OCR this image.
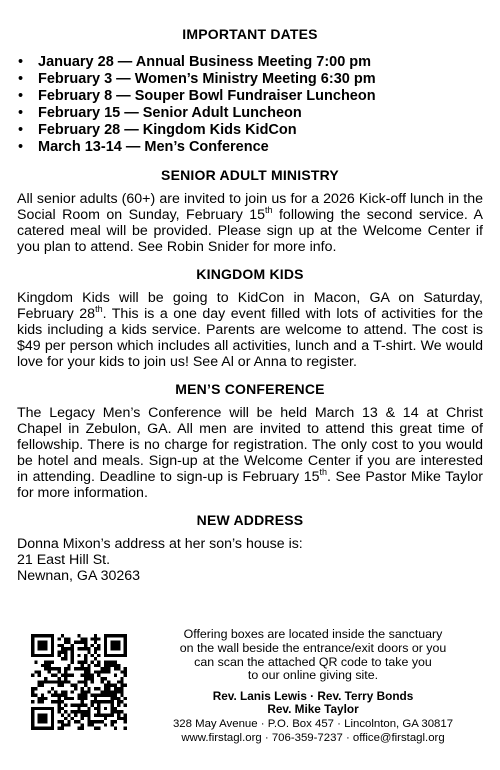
IMPORTANT DATES
• January 28 — Annual Business Meeting 7:00 pm
• February 3 — Women’s Ministry Meeting 6:30 pm
• February 8 — Souper Bowl Fundraiser Luncheon
• February 15 — Senior Adult Luncheon
• February 28 — Kingdom Kids KidCon
• March 13-14 — Men’s Conference
SENIOR ADULT MINISTRY

All senior adults (60+) are invited to join us for a 2026 Kick-off lunch in the Social Room on Sunday, February 15th following the second service. A catered meal will be provided. Please sign up at the Welcome Center if you plan to attend. See Robin Snider for more info.

KINGDOM KIDS

Kingdom Kids will be going to KidCon in Macon, GA on Saturday, February 28th. This is a one day event filled with lots of activities for the kids including a kids service. Parents are welcome to attend. The cost is $49 per person which includes all activities, lunch and a T-shirt. We would love for your kids to join us! See Al or Anna to register.

MEN’S CONFERENCE

The Legacy Men’s Conference will be held March 13 & 14 at Christ Chapel in Zebulon, GA. All men are invited to attend this great time of fellowship. There is no charge for registration. The only cost to you would be hotel and meals. Sign-up at the Welcome Center if you are interested in attending. Deadline to sign-up is February 15th. See Pastor Mike Taylor for more information.

NEW ADDRESS
Donna Mixon’s address at her son’s house is:
21 East Hill St.
Newnan, GA 30263
Offering boxes are located inside the sanctuary
on the wall beside the entrance/exit doors or you
can scan the attached QR code to take you
to our online giving site.
Rev. Lanis Lewis · Rev. Terry Bonds
Rev. Mike Taylor
328 May Avenue · P.O. Box 457 · Lincolnton, GA 30817
www.firstagl.org · 706-359-7237 · office@firstagl.org
